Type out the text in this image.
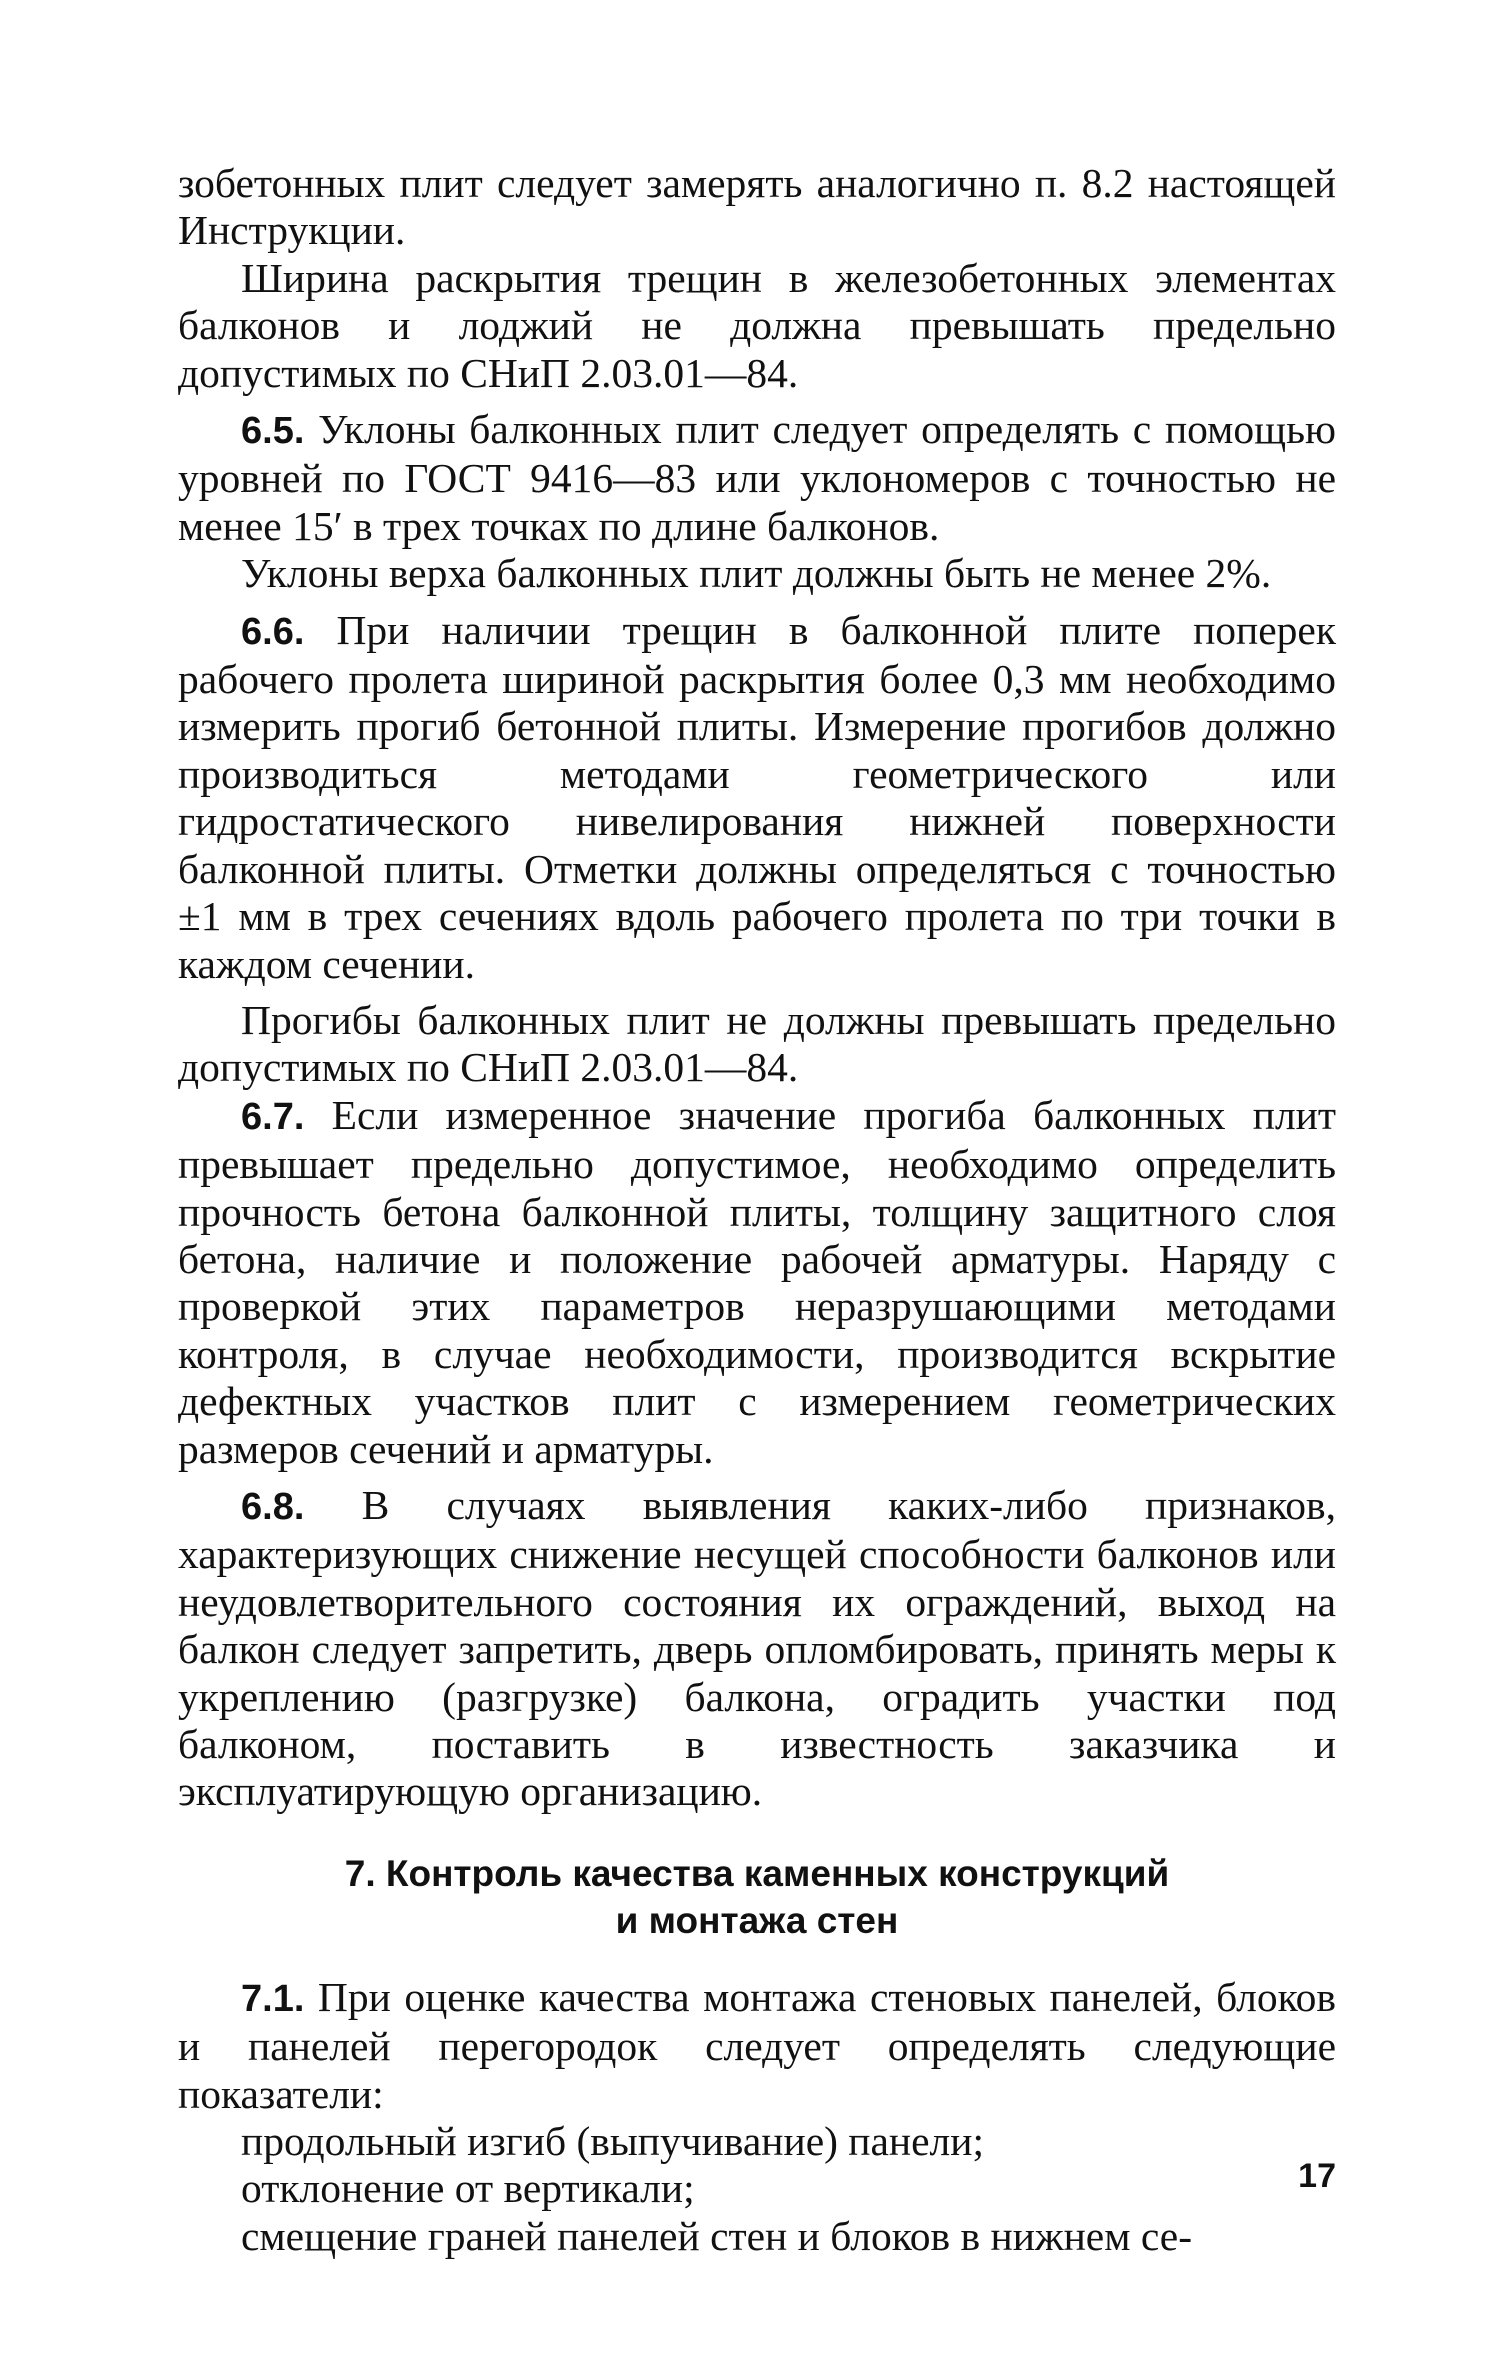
зобетонных плит следует замерять аналогично п. 8.2 настоящей Инструкции.

Ширина раскрытия трещин в железобетонных элементах балконов и лоджий не должна превышать предельно допустимых по СНиП 2.03.01—84.

6.5. Уклоны балконных плит следует определять с помощью уровней по ГОСТ 9416—83 или уклономеров с точностью не менее 15′ в трех точках по длине балконов.

Уклоны верха балконных плит должны быть не менее 2%.

6.6. При наличии трещин в балконной плите поперек рабочего пролета шириной раскрытия более 0,3 мм необходимо измерить прогиб бетонной плиты. Измерение прогибов должно производиться методами геометрического или гидростатического нивелирования нижней поверхности балконной плиты. Отметки должны определяться с точностью ±1 мм в трех сечениях вдоль рабочего пролета по три точки в каждом сечении.

Прогибы балконных плит не должны превышать предельно допустимых по СНиП 2.03.01—84.

6.7. Если измеренное значение прогиба балконных плит превышает предельно допустимое, необходимо определить прочность бетона балконной плиты, толщину защитного слоя бетона, наличие и положение рабочей арматуры. Наряду с проверкой этих параметров неразрушающими методами контроля, в случае необходимости, производится вскрытие дефектных участков плит с измерением геометрических размеров сечений и арматуры.

6.8. В случаях выявления каких-либо признаков, характеризующих снижение несущей способности балконов или неудовлетворительного состояния их ограждений, выход на балкон следует запретить, дверь опломбировать, принять меры к укреплению (разгрузке) балкона, оградить участки под балконом, поставить в известность заказчика и эксплуатирующую организацию.

7. Контроль качества каменных конструкций
и монтажа стен

7.1. При оценке качества монтажа стеновых панелей, блоков и панелей перегородок следует определять следующие показатели:

продольный изгиб (выпучивание) панели;

отклонение от вертикали;

смещение граней панелей стен и блоков в нижнем се-

17
